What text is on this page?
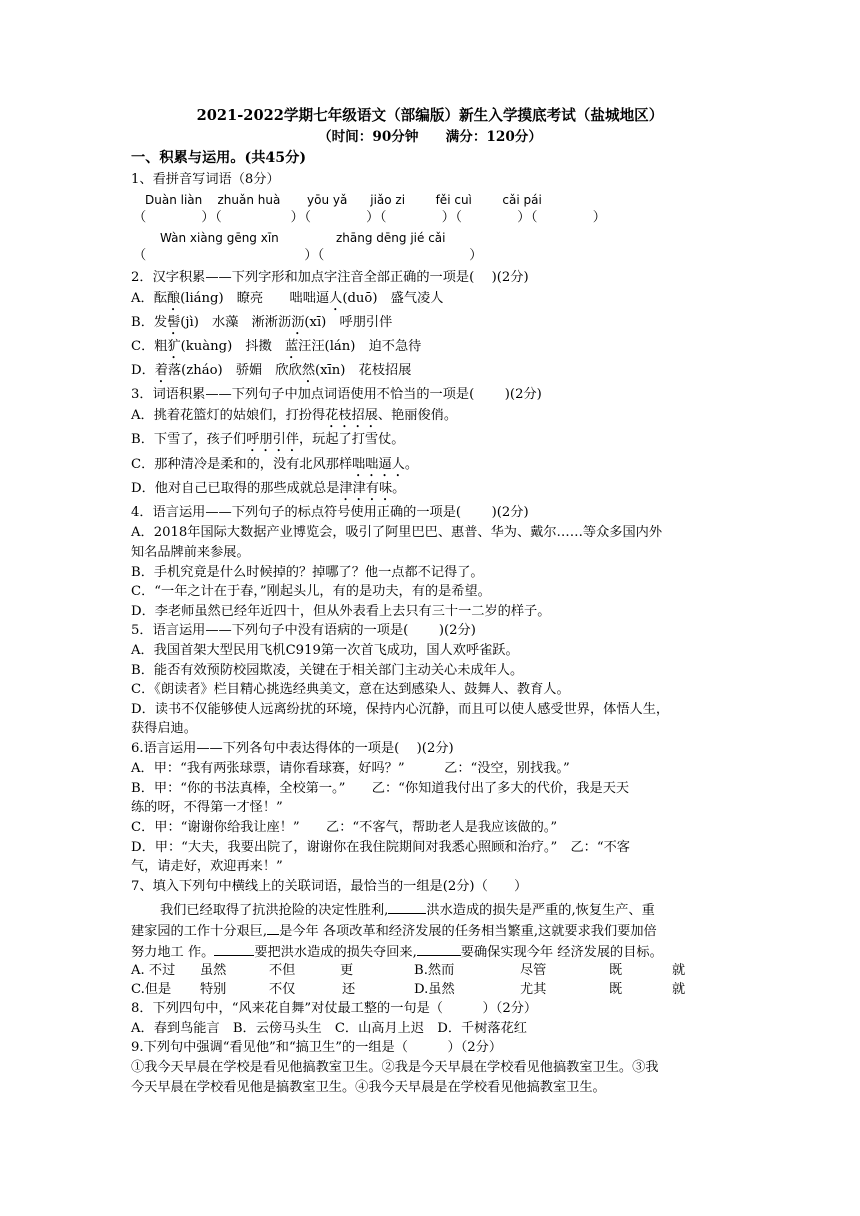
2021-2022学期七年级语文（部编版）新生入学摸底考试（盐城地区）
（时间：90分钟　　满分：120分）
一、积累与运用。(共45分)
1、看拼音写词语（8分）
Duàn liàn    zhuǎn huà       yōu yǎ      jiǎo zi        fěi cuì        cǎi pái
（　　　　）（　　　　　）（　　　　）（　　　　）（　　　　）（　　　　）
Wàn xiàng gēng xīn               zhāng dēng jié cǎi
（　　　　　　　　　　　　）（　　　　　　　　　　　）
2．汉字积累——下列字形和加点字注音全部正确的一项是(　 )(2分)
A．酝酿(liáng)　瞭亮　　咄咄逼人(duō)　盛气凌人
B．发髻(jì)　水藻　淅淅沥沥(xī)　呼朋引伴
C．粗犷(kuàng)　抖擞　蓝汪汪(lán)　迫不急待
D．着落(zháo)　骄媚　欣欣然(xīn)　花枝招展
3．词语积累——下列句子中加点词语使用不恰当的一项是(　 　)(2分)
A．挑着花篮灯的姑娘们，打扮得花枝招展、艳丽俊俏。
B．下雪了，孩子们呼朋引伴，玩起了打雪仗。
C．那种清冷是柔和的，没有北风那样咄咄逼人。
D．他对自己已取得的那些成就总是津津有味。
4．语言运用——下列句子的标点符号使用正确的一项是(　 　)(2分)
A．2018年国际大数据产业博览会，吸引了阿里巴巴、惠普、华为、戴尔……等众多国内外
知名品牌前来参展。
B．手机究竟是什么时候掉的？掉哪了？他一点都不记得了。
C．“一年之计在于春，”刚起头儿，有的是功夫，有的是希望。
D．李老师虽然已经年近四十，但从外表看上去只有三十一二岁的样子。
5．语言运用——下列句子中没有语病的一项是(　 　)(2分)
A．我国首架大型民用飞机C919第一次首飞成功，国人欢呼雀跃。
B．能否有效预防校园欺凌，关键在于相关部门主动关心未成年人。
C．《朗读者》栏目精心挑选经典美文，意在达到感染人、鼓舞人、教育人。
D．读书不仅能够使人远离纷扰的环境，保持内心沉静，而且可以使人感受世界，体悟人生，
获得启迪。
6.语言运用——下列各句中表达得体的一项是(　 )(2分)
A．甲：“我有两张球票，请你看球赛，好吗？”　　　乙：“没空，别找我。”
B．甲：“你的书法真棒，全校第一。”　　乙：“你知道我付出了多大的代价，我是天天
练的呀，不得第一才怪！”
C．甲：“谢谢你给我让座！”　　乙：“不客气，帮助老人是我应该做的。”
D．甲：“大夫，我要出院了，谢谢你在我住院期间对我悉心照顾和治疗。”　乙：“不客
气，请走好，欢迎再来！”
7、填入下列句中横线上的关联词语，最恰当的一组是(2分)（　　）
我们已经取得了抗洪抢险的决定性胜利,	洪水造成的损失是严重的,恢复生产、重
建家园的工作十分艰巨, 是今年 各项改革和经济发展的任务相当繁重,这就要求我们要加倍
努力地工 作。	要把洪水造成的损失夺回来,	要确保实现今年 经济发展的目标。
A. 不过 虽然	不但	更	B.然而	尽管	既	就
C.但是 特别	不仅	还	D.虽然	尤其	既	就
8．下列四句中，“风来花自舞”对仗最工整的一句是（　　　）（2分）
A．春到鸟能言　B．云傍马头生　C．山高月上迟　D．千树落花红
9.下列句中强调“看见他”和“搞卫生”的一组是（　　　）（2分）
①我今天早晨在学校是看见他搞教室卫生。②我是今天早晨在学校看见他搞教室卫生。③我
今天早晨在学校看见他是搞教室卫生。④我今天早晨是在学校看见他搞教室卫生。
